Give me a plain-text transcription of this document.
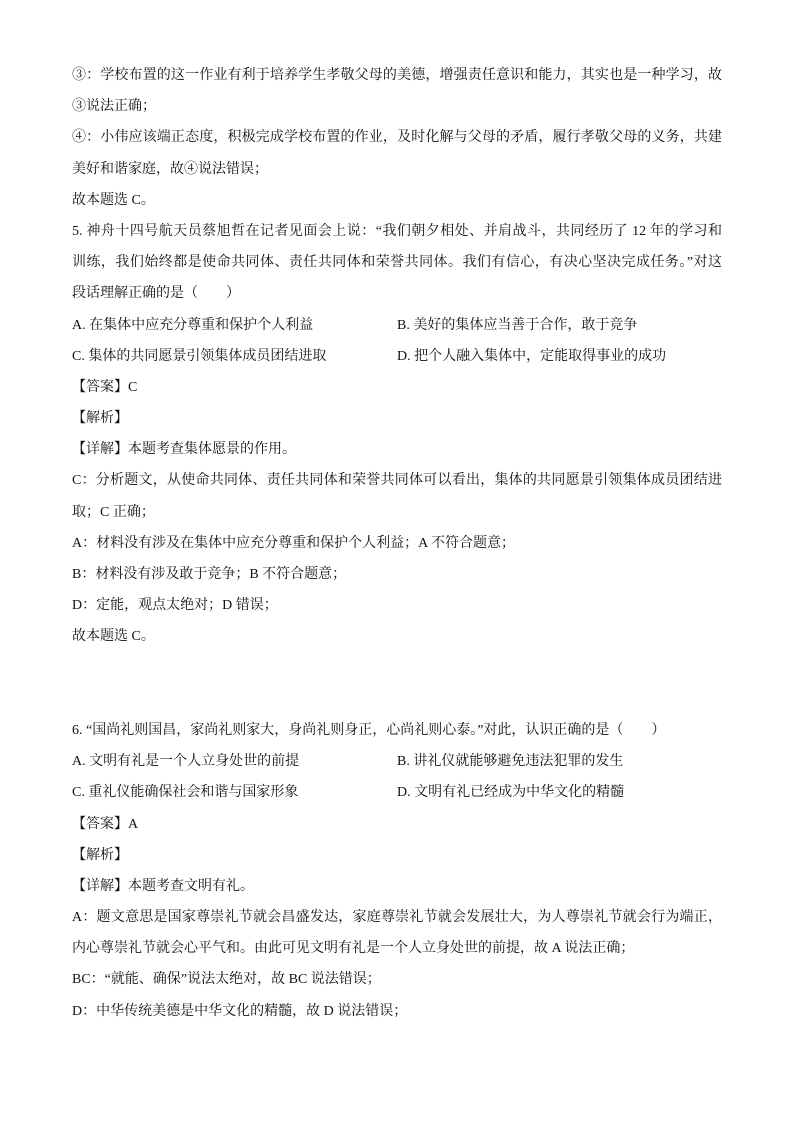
③：学校布置的这一作业有利于培养学生孝敬父母的美德，增强责任意识和能力，其实也是一种学习，故
③说法正确；
④：小伟应该端正态度，积极完成学校布置的作业，及时化解与父母的矛盾，履行孝敬父母的义务，共建
美好和谐家庭，故④说法错误；
故本题选 C。
5. 神舟十四号航天员蔡旭哲在记者见面会上说：“我们朝夕相处、并肩战斗，共同经历了 12 年的学习和
训练，我们始终都是使命共同体、责任共同体和荣誉共同体。我们有信心，有决心坚决完成任务。”对这
段话理解正确的是（　　）
A. 在集体中应充分尊重和保护个人利益	B. 美好的集体应当善于合作，敢于竞争
C. 集体的共同愿景引领集体成员团结进取	D. 把个人融入集体中，定能取得事业的成功
【答案】C
【解析】
【详解】本题考查集体愿景的作用。
C：分析题文，从使命共同体、责任共同体和荣誉共同体可以看出，集体的共同愿景引领集体成员团结进
取；C 正确；
A：材料没有涉及在集体中应充分尊重和保护个人利益；A 不符合题意；
B：材料没有涉及敢于竞争；B 不符合题意；
D：定能，观点太绝对；D 错误；
故本题选 C。
6. “国尚礼则国昌，家尚礼则家大，身尚礼则身正，心尚礼则心泰。”对此，认识正确的是（　　）
A. 文明有礼是一个人立身处世的前提	B. 讲礼仪就能够避免违法犯罪的发生
C. 重礼仪能确保社会和谐与国家形象	D. 文明有礼已经成为中华文化的精髓
【答案】A
【解析】
【详解】本题考查文明有礼。
A：题文意思是国家尊崇礼节就会昌盛发达，家庭尊崇礼节就会发展壮大，为人尊崇礼节就会行为端正，
内心尊崇礼节就会心平气和。由此可见文明有礼是一个人立身处世的前提，故 A 说法正确；
BC：“就能、确保”说法太绝对，故 BC 说法错误；
D：中华传统美德是中华文化的精髓，故 D 说法错误；
